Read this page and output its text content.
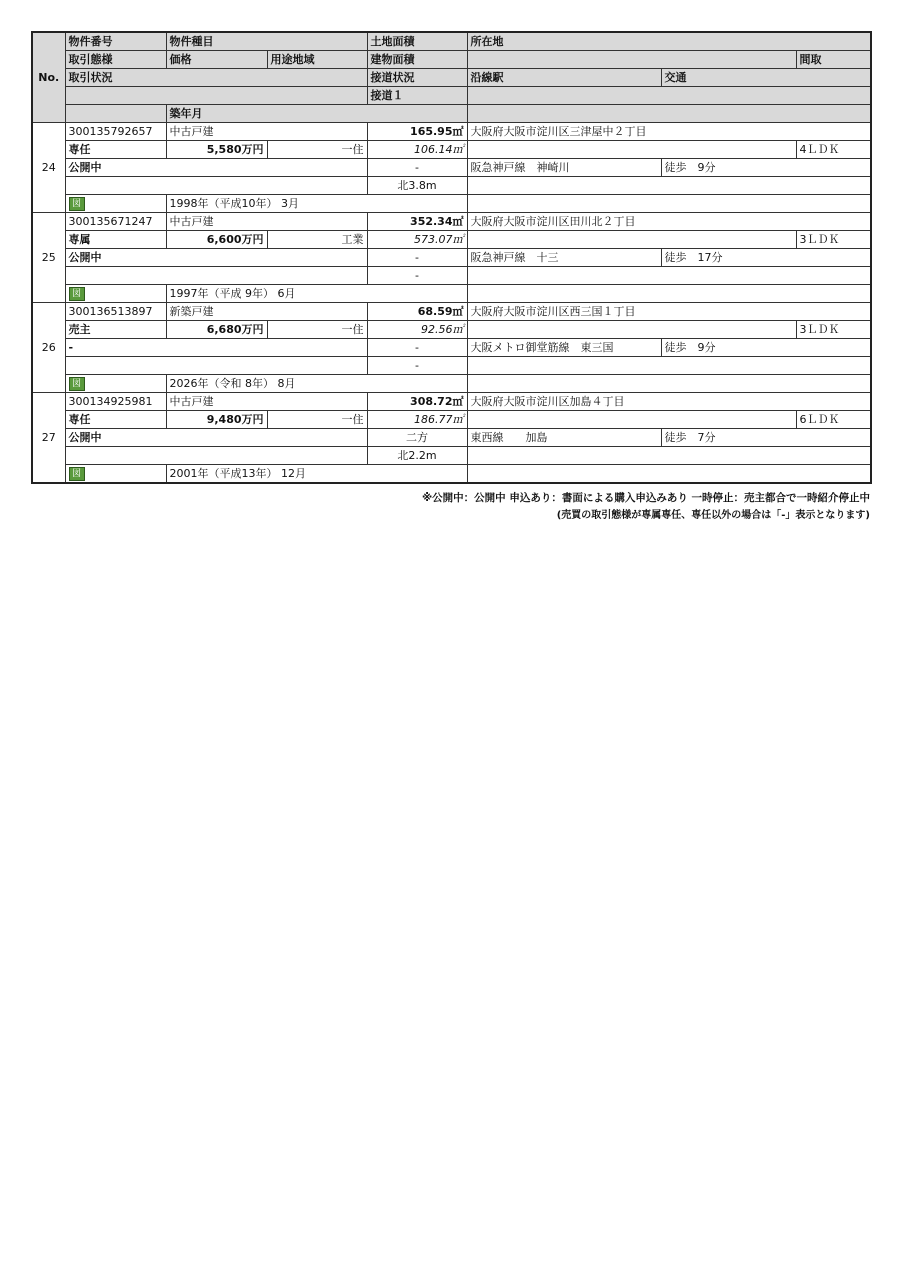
No.	物件番号	物件種目		土地面積	所在地		
	取引態様	価格	用途地域	建物面積			間取
	取引状況			接道状況	沿線駅	交通	
				接道１			
		築年月					
24	300135792657	中古戸建		165.95㎡	大阪府大阪市淀川区三津屋中２丁目		
	専任	5,580万円	一住	106.14㎡			4ＬＤＫ
	公開中			-	阪急神戸線　神崎川	徒歩　9分	
				北3.8m			
	図	1998年（平成10年） 3月					
25	300135671247	中古戸建		352.34㎡	大阪府大阪市淀川区田川北２丁目		
	専属	6,600万円	工業	573.07㎡			3ＬＤＫ
	公開中			-	阪急神戸線　十三	徒歩　17分	
				-			
	図	1997年（平成 9年） 6月					
26	300136513897	新築戸建		68.59㎡	大阪府大阪市淀川区西三国１丁目		
	売主	6,680万円	一住	92.56㎡			3ＬＤＫ
	-			-	大阪メトロ御堂筋線　東三国	徒歩　9分	
				-			
	図	2026年（令和 8年） 8月					
27	300134925981	中古戸建		308.72㎡	大阪府大阪市淀川区加島４丁目		
	専任	9,480万円	一住	186.77㎡			6ＬＤＫ
	公開中			二方	東西線　　加島	徒歩　7分	
				北2.2m			
	図	2001年（平成13年） 12月					
※公開中：公開中 申込あり：書面による購入申込みあり 一時停止：売主都合で一時紹介停止中
(売買の取引態様が専属専任、専任以外の場合は「-」表示となります)
